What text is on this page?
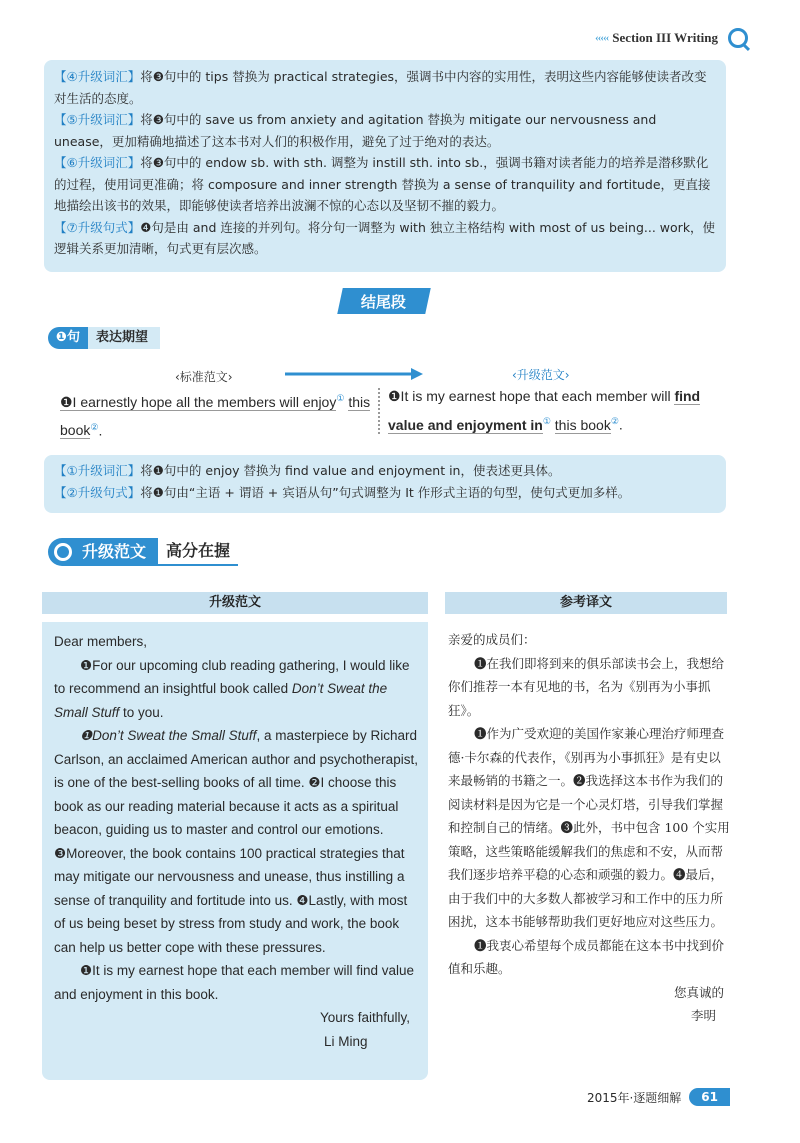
‹‹‹‹‹ Section III Writing

【④升级词汇】将❸句中的 tips 替换为 practical strategies，强调书中内容的实用性，表明这些内容能够使读者改变对生活的态度。

【⑤升级词汇】将❸句中的 save us from anxiety and agitation 替换为 mitigate our nervousness and unease，更加精确地描述了这本书对人们的积极作用，避免了过于绝对的表达。

【⑥升级词汇】将❸句中的 endow sb. with sth. 调整为 instill sth. into sb.，强调书籍对读者能力的培养是潜移默化的过程，使用词更准确；将 composure and inner strength 替换为 a sense of tranquility and fortitude，更直接地描绘出该书的效果，即能够使读者培养出波澜不惊的心态以及坚韧不摧的毅力。

【⑦升级句式】❹句是由 and 连接的并列句。将分句一调整为 with 独立主格结构 with most of us being... work，使逻辑关系更加清晰，句式更有层次感。

结尾段
❶句	表达期望
‹标准范文›	‹升级范文›
❶I earnestly hope all the members will enjoy① this book②.
❶It is my earnest hope that each member will find value and enjoyment in① this book②.

【①升级词汇】将❶句中的 enjoy 替换为 find value and enjoyment in，使表述更具体。

【②升级句式】将❶句由“主语 + 谓语 + 宾语从句”句式调整为 It 作形式主语的句型，使句式更加多样。

升级范文	高分在握
升级范文	参考译文

Dear members,

❶For our upcoming club reading gathering, I would like to recommend an insightful book called Don’t Sweat the Small Stuff to you.

❶Don’t Sweat the Small Stuff, a masterpiece by Richard Carlson, an acclaimed American author and psychotherapist, is one of the best-selling books of all time. ❷I choose this book as our reading material because it acts as a spiritual beacon, guiding us to master and control our emotions. ❸Moreover, the book contains 100 practical strategies that may mitigate our nervousness and unease, thus instilling a sense of tranquility and fortitude into us. ❹Lastly, with most of us being beset by stress from study and work, the book can help us better cope with these pressures.

❶It is my earnest hope that each member will find value and enjoyment in this book.

Yours faithfully,

Li Ming

亲爱的成员们：

❶在我们即将到来的俱乐部读书会上，我想给你们推荐一本有见地的书，名为《别再为小事抓狂》。

❶作为广受欢迎的美国作家兼心理治疗师理查德·卡尔森的代表作，《别再为小事抓狂》是有史以来最畅销的书籍之一。❷我选择这本书作为我们的阅读材料是因为它是一个心灵灯塔，引导我们掌握和控制自己的情绪。❸此外，书中包含 100 个实用策略，这些策略能缓解我们的焦虑和不安，从而帮我们逐步培养平稳的心态和顽强的毅力。❹最后，由于我们中的大多数人都被学习和工作中的压力所困扰，这本书能够帮助我们更好地应对这些压力。

❶我衷心希望每个成员都能在这本书中找到价值和乐趣。

您真诚的

李明

2015年·逐题细解	61
